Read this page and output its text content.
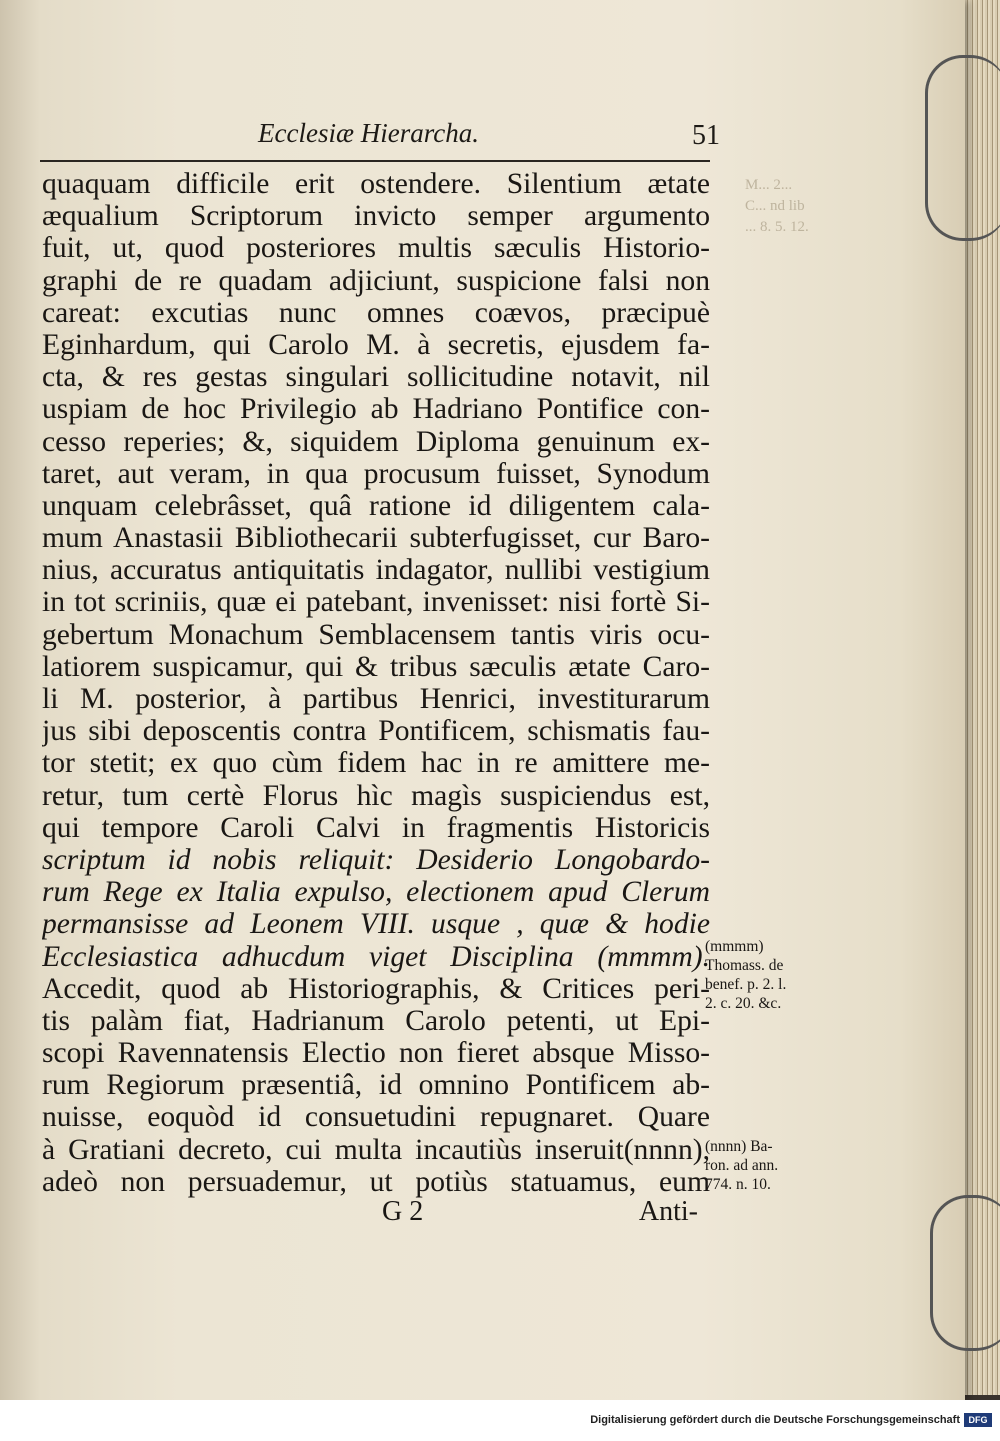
M... 2...
C... nd lib
... 8. 5. 12.
Ecclesiæ Hierarcha.	51
quaquam difficile erit ostendere. Silentium ætate
æqualium Scriptorum invicto semper argumento
fuit, ut, quod posteriores multis sæculis Historio-
graphi de re quadam adjiciunt, suspicione falsi non
careat: excutias nunc omnes coævos, præcipuè
Eginhardum, qui Carolo M. à secretis, ejusdem fa-
cta, & res gestas singulari sollicitudine notavit, nil
uspiam de hoc Privilegio ab Hadriano Pontifice con-
cesso reperies; &, siquidem Diploma genuinum ex-
taret, aut veram, in qua procusum fuisset, Synodum
unquam celebrâsset, quâ ratione id diligentem cala-
mum Anastasii Bibliothecarii subterfugisset, cur Baro-
nius, accuratus antiquitatis indagator, nullibi vestigium
in tot scriniis, quæ ei patebant, invenisset: nisi fortè Si-
gebertum Monachum Semblacensem tantis viris ocu-
latiorem suspicamur, qui & tribus sæculis ætate Caro-
li M. posterior, à partibus Henrici, investiturarum
jus sibi deposcentis contra Pontificem, schismatis fau-
tor stetit; ex quo cùm fidem hac in re amittere me-
retur, tum certè Florus hìc magìs suspiciendus est,
qui tempore Caroli Calvi in fragmentis Historicis
scriptum id nobis reliquit: Desiderio Longobardo-
rum Rege ex Italia expulso, electionem apud Clerum
permansisse ad Leonem VIII. usque , quæ & hodie
Ecclesiastica adhucdum viget Disciplina (mmmm).
Accedit, quod ab Historiographis, & Critices peri-
tis palàm fiat, Hadrianum Carolo petenti, ut Epi-
scopi Ravennatensis Electio non fieret absque Misso-
rum Regiorum præsentiâ, id omnino Pontificem ab-
nuisse, eoquòd id consuetudini repugnaret. Quare
à Gratiani decreto, cui multa incautiùs inseruit(nnnn),
adeò non persuademur, ut potiùs statuamus, eum
G 2	Anti-
(mmmm)
Thomass. de
benef. p. 2. l.
2. c. 20. &c.
(nnnn) Ba-
ron. ad ann.
774. n. 10.
Digitalisierung gefördert durch die Deutsche Forschungsgemeinschaft DFG
